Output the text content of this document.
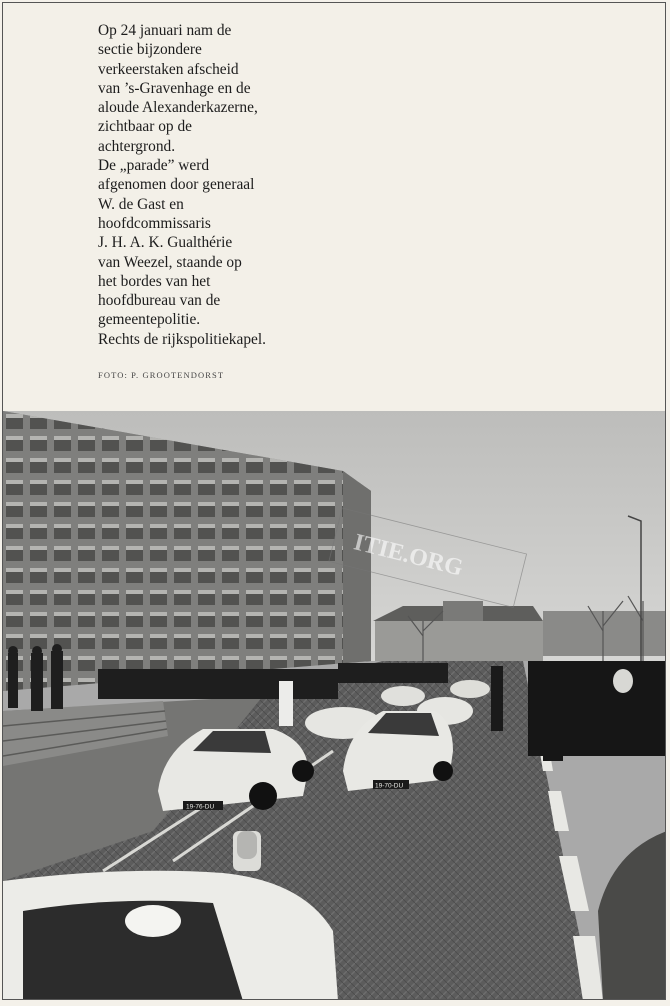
Op 24 januari nam de
sectie bijzondere
verkeerstaken afscheid
van ’s-Gravenhage en de
aloude Alexanderkazerne,
zichtbaar op de
achtergrond.
De „parade” werd
afgenomen door generaal
W. de Gast en
hoofdcommissaris
J. H. A. K. Gualthérie
van Weezel, staande op
het bordes van het
hoofdbureau van de
gemeentepolitie.
Rechts de rijkspolitiekapel.
FOTO: P. GROOTENDORST
ITIE.ORG
19-76-DU
19-70-DU
